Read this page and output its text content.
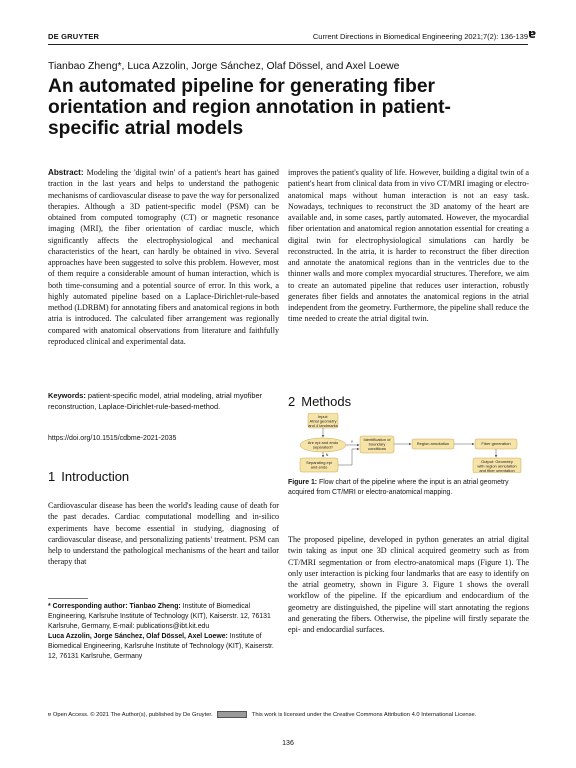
DE GRUYTER	Current Directions in Biomedical Engineering 2021;7(2): 136-139 ɐ
Tianbao Zheng*, Luca Azzolin, Jorge Sánchez, Olaf Dössel, and Axel Loewe
An automated pipeline for generating fiber orientation and region annotation in patient-specific atrial models

Abstract: Modeling the 'digital twin' of a patient's heart has gained traction in the last years and helps to understand the pathogenic mechanisms of cardiovascular disease to pave the way for personalized therapies. Although a 3D patient-specific model (PSM) can be obtained from computed tomography (CT) or magnetic resonance imaging (MRI), the fiber orientation of cardiac muscle, which significantly affects the electrophysiological and mechanical characteristics of the heart, can hardly be obtained in vivo. Several approaches have been suggested to solve this problem. However, most of them require a considerable amount of human interaction, which is both time-consuming and a potential source of error. In this work, a highly automated pipeline based on a Laplace-Dirichlet-rule-based method (LDRBM) for annotating fibers and anatomical regions in both atria is introduced. The calculated fiber arrangement was regionally compared with anatomical observations from literature and faithfully reproduced clinical and experimental data.

Keywords: patient-specific model, atrial modeling, atrial myofiber reconstruction, Laplace-Dirichlet-rule-based-method.

https://doi.org/10.1515/cdbme-2021-2035
1 Introduction

Cardiovascular disease has been the world's leading cause of death for the past decades. Cardiac computational modelling and in-silico experiments have become essential in studying, diagnosing of cardiovascular disease, and personalizing patients' treatment. PSM can help to understand the pathological mechanisms of the heart and tailor therapy that

* Corresponding author: Tianbao Zheng: Institute of Biomedical Engineering, Karlsruhe Institute of Technology (KIT), Kaiserstr. 12, 76131 Karlsruhe, Germany, E-mail: publications@ibt.kit.edu
Luca Azzolin, Jorge Sánchez, Olaf Dössel, Axel Loewe: Institute of Biomedical Engineering, Karlsruhe Institute of Technology (KIT), Kaiserstr. 12, 76131 Karlsruhe, Germany

improves the patient's quality of life. However, building a digital twin of a patient's heart from clinical data from in vivo CT/MRI imaging or electro-anatomical maps without human interaction is not an easy task. Nowadays, techniques to reconstruct the 3D anatomy of the heart are available and, in some cases, partly automated. However, the myocardial fiber orientation and anatomical region annotation essential for creating a digital twin for electrophysiological simulations can hardly be reconstructed. In the atria, it is harder to reconstruct the fiber direction and annotate the anatomical regions than in the ventricles due to the thinner walls and more complex myocardial structures. Therefore, we aim to create an automated pipeline that reduces user interaction, robustly generates fiber fields and annotates the anatomical regions in the atrial independent from the geometry. Furthermore, the pipeline shall reduce the time needed to create the atrial digital twin.

2 Methods
Input: Atrial geometry and 4 landmarks
Are epi and endo separated?
Identification of boundary conditions
Region annotation	Fiber generation
Separating epi and endo
Output: Geometry with region annotation and fiber orientation
Y
N
Figure 1: Flow chart of the pipeline where the input is an atrial geometry acquired from CT/MRI or electro-anatomical mapping.

The proposed pipeline, developed in python generates an atrial digital twin taking as input one 3D clinical acquired geometry such as from CT/MRI segmentation or from electro-anatomical maps (Figure 1). The only user interaction is picking four landmarks that are easy to identify on the atrial geometry, shown in Figure 3. Figure 1 shows the overall workflow of the pipeline. If the epicardium and endocardium of the geometry are distinguished, the pipeline will start annotating the regions and generating the fibers. Otherwise, the pipeline will firstly separate the epi- and endocardial surfaces.

ɐ Open Access. © 2021 The Author(s), published by De Gruyter.	This work is licensed under the Creative Commons Attribution 4.0 International License.
136
